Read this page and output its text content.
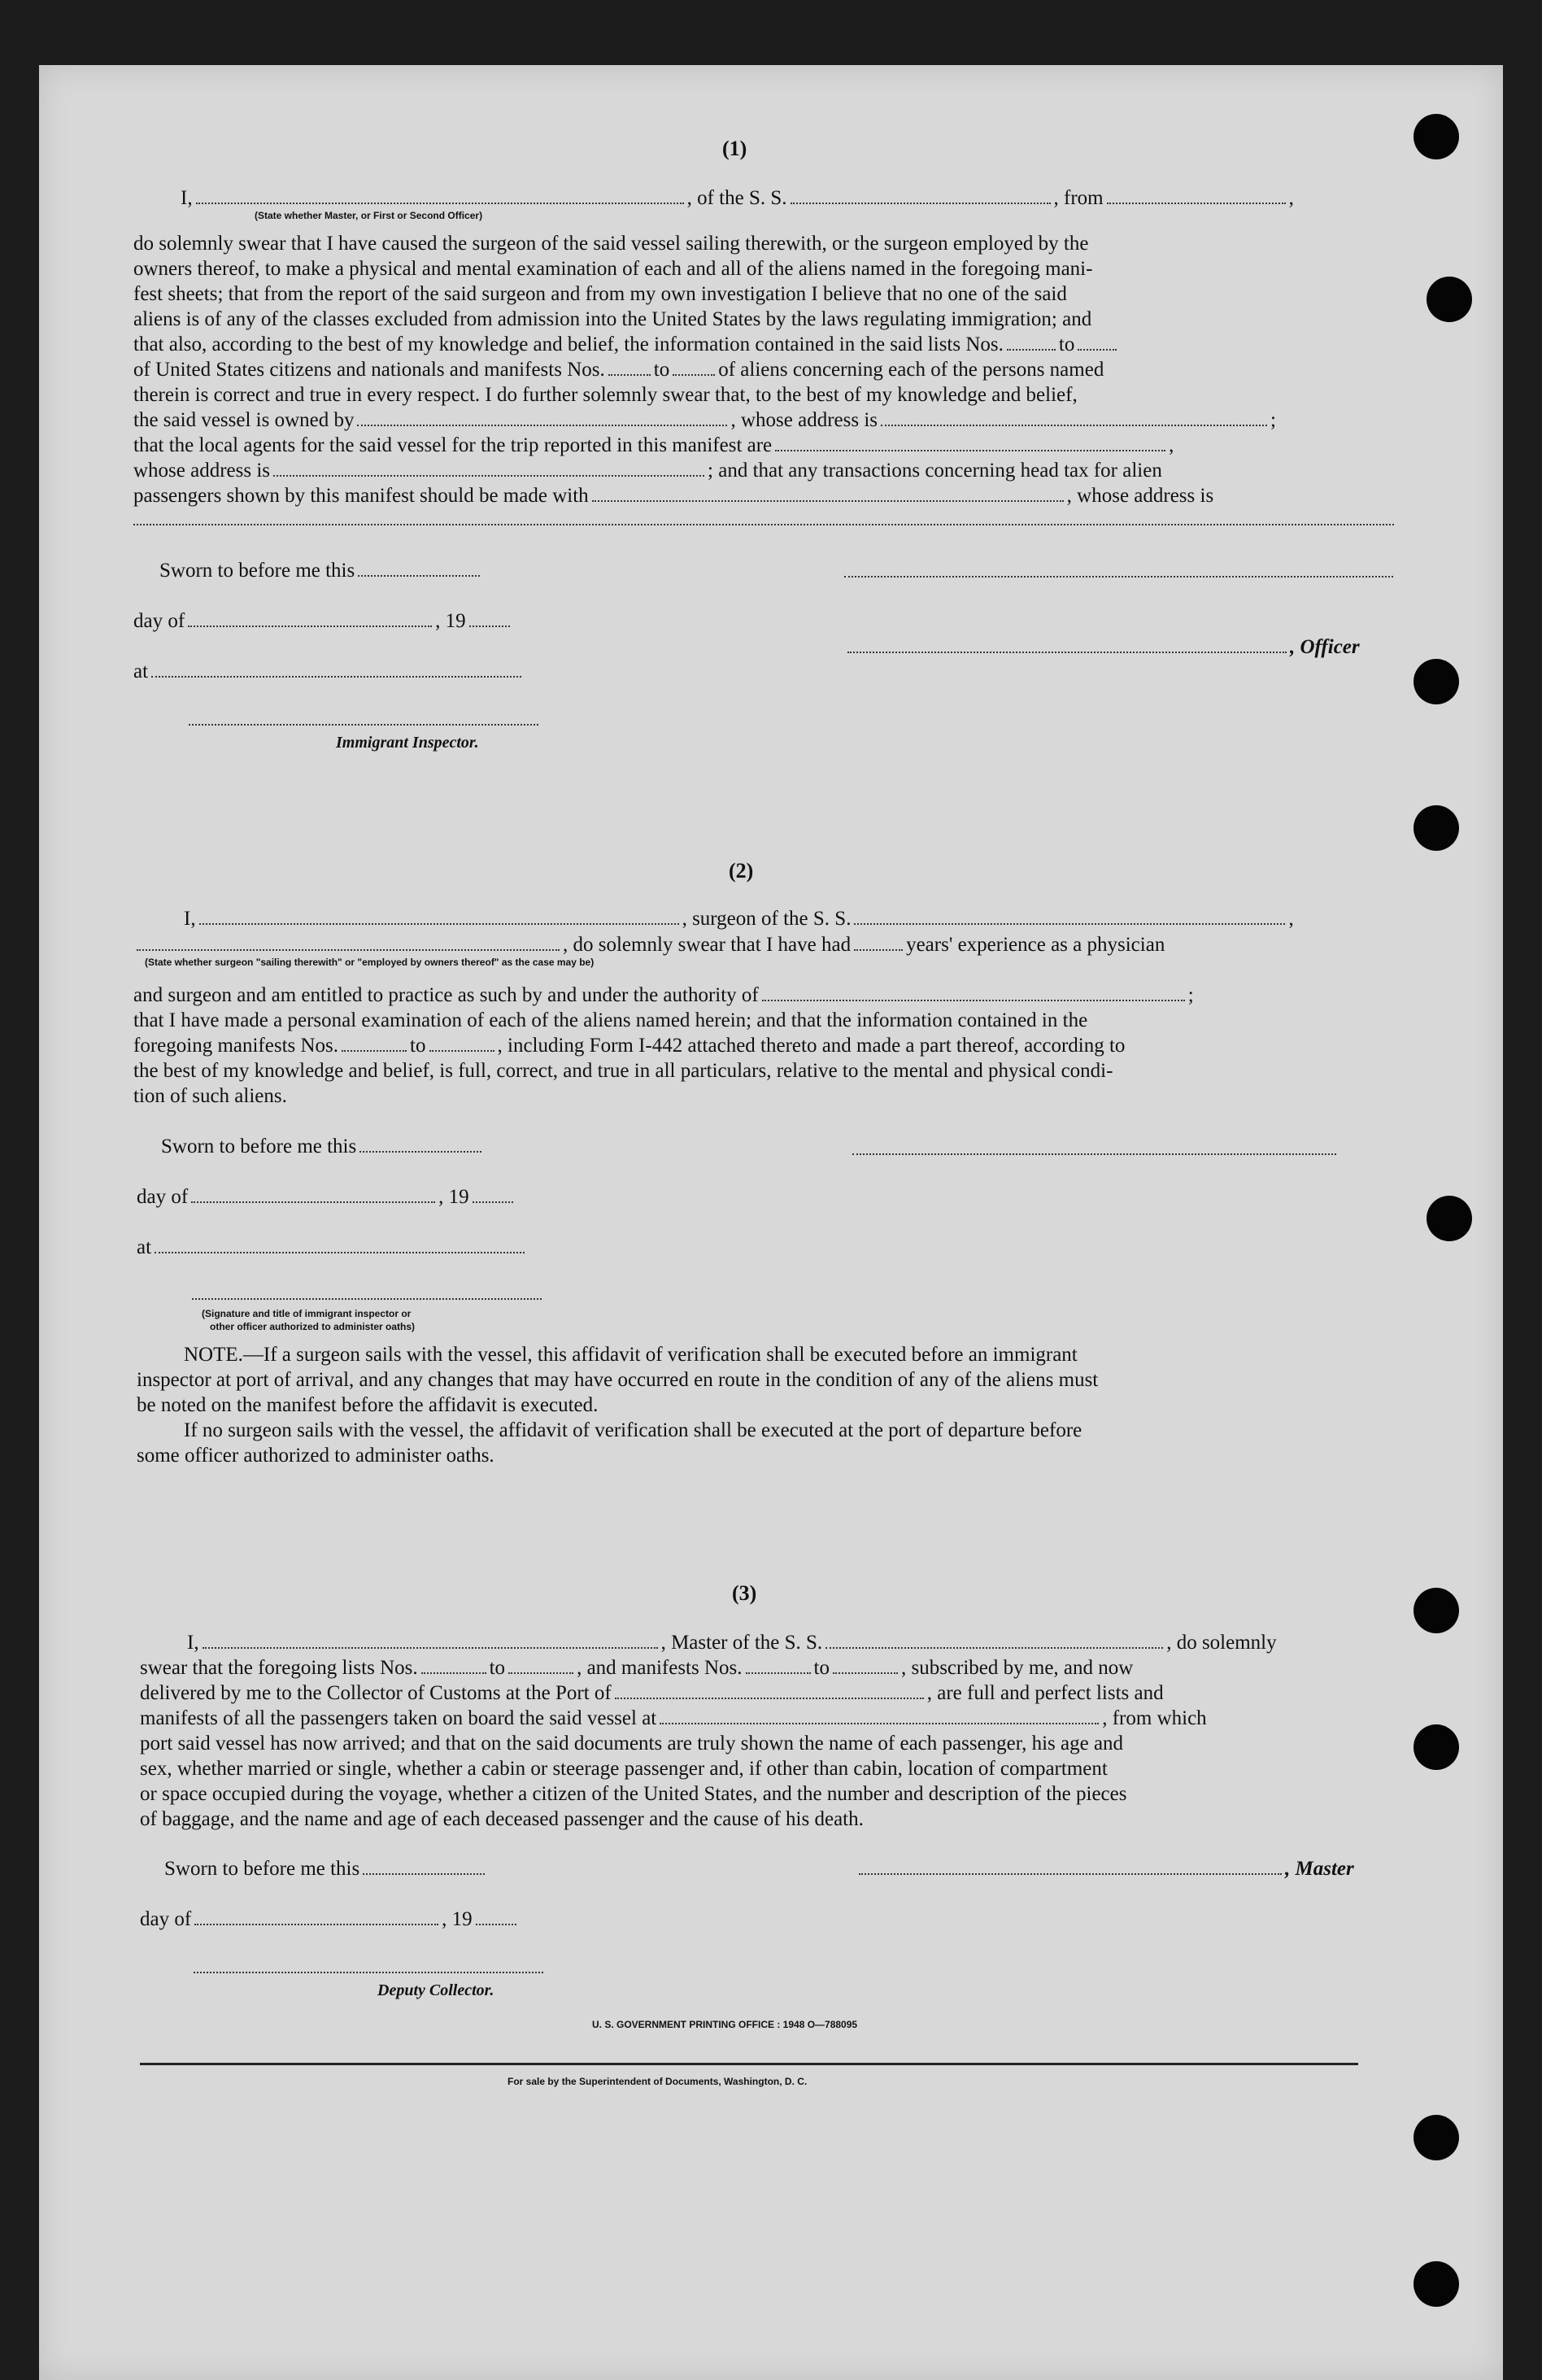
(1)
I,	, of the S. S.	, from	,
(State whether Master, or First or Second Officer)
do solemnly swear that I have caused the surgeon of the said vessel sailing therewith, or the surgeon employed by the
owners thereof, to make a physical and mental examination of each and all of the aliens named in the foregoing mani-
fest sheets; that from the report of the said surgeon and from my own investigation I believe that no one of the said
aliens is of any of the classes excluded from admission into the United States by the laws regulating immigration; and
that also, according to the best of my knowledge and belief, the information contained in the said lists Nos.	to
of United States citizens and nationals and manifests Nos. to of aliens concerning each of the persons named
therein is correct and true in every respect. I do further solemnly swear that, to the best of my knowledge and belief,
the said vessel is owned by	, whose address is	;
that the local agents for the said vessel for the trip reported in this manifest are	,
whose address is	; and that any transactions concerning head tax for alien
passengers shown by this manifest should be made with	, whose address is
Sworn to before me this
day of	, 19
, Officer
at
Immigrant Inspector.
(2)
I,	, surgeon of the S. S.	,
, do solemnly swear that I have had	years' experience as a physician
(State whether surgeon "sailing therewith" or "employed by owners thereof" as the case may be)
and surgeon and am entitled to practice as such by and under the authority of	;
that I have made a personal examination of each of the aliens named herein; and that the information contained in the
foregoing manifests Nos.	to	, including Form I-442 attached thereto and made a part thereof, according to
the best of my knowledge and belief, is full, correct, and true in all particulars, relative to the mental and physical condi-
tion of such aliens.
Sworn to before me this
day of	, 19
at
(Signature and title of immigrant inspector or
other officer authorized to administer oaths)
NOTE.—If a surgeon sails with the vessel, this affidavit of verification shall be executed before an immigrant
inspector at port of arrival, and any changes that may have occurred en route in the condition of any of the aliens must
be noted on the manifest before the affidavit is executed.
If no surgeon sails with the vessel, the affidavit of verification shall be executed at the port of departure before
some officer authorized to administer oaths.
(3)
I,	, Master of the S. S.	, do solemnly
swear that the foregoing lists Nos.	to	, and manifests Nos.	to	, subscribed by me, and now
delivered by me to the Collector of Customs at the Port of	, are full and perfect lists and
manifests of all the passengers taken on board the said vessel at	, from which
port said vessel has now arrived; and that on the said documents are truly shown the name of each passenger, his age and
sex, whether married or single, whether a cabin or steerage passenger and, if other than cabin, location of compartment
or space occupied during the voyage, whether a citizen of the United States, and the number and description of the pieces
of baggage, and the name and age of each deceased passenger and the cause of his death.
Sworn to before me this	, Master
day of	, 19
Deputy Collector.
U. S. GOVERNMENT PRINTING OFFICE : 1948 O—788095
For sale by the Superintendent of Documents, Washington, D. C.
